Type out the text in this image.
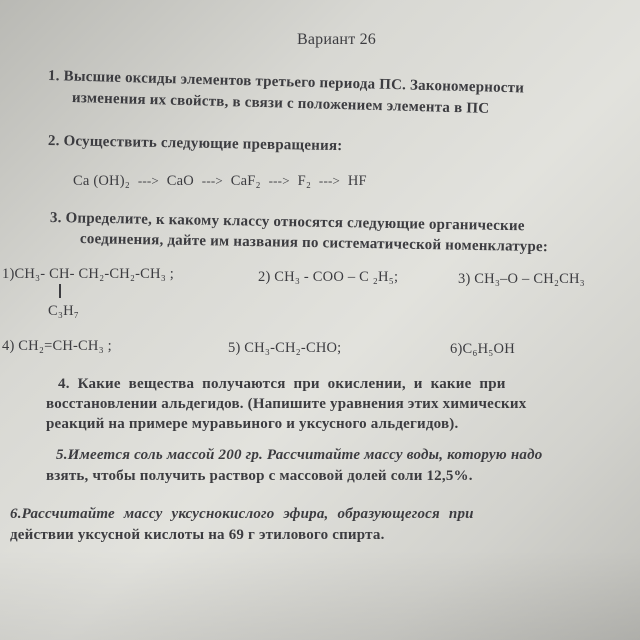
Вариант 26
1. Высшие оксиды элементов третьего периода ПС. Закономерности
изменения их свойств, в связи с положением элемента в ПС
2. Осуществить следующие превращения:
Ca (OH)₂ ---> CaO ---> CaF₂ ---> F₂ ---> HF
3. Определите, к какому классу относятся следующие органические
соединения, дайте им названия по систематической номенклатуре:
1)CH₃- CH- CH₂-CH₂-CH₃ ;
C₃H₇
2) CH₃ - COO – C ₂H₅;	3) CH₃–O – CH₂CH₃
4) CH₂=CH-CH₃ ;	5) CH₃-CH₂-CHO;	6)C₆H₅OH
4. Какие вещества получаются при окислении, и какие при
восстановлении альдегидов. (Напишите уравнения этих химических
реакций на примере муравьиного и уксусного альдегидов).
5.Имеется соль массой 200 гр. Рассчитайте массу воды, которую надо
взять, чтобы получить раствор с массовой долей соли 12,5%.
6.Рассчитайте массу уксуснокислого эфира, образующегося при
действии уксусной кислоты на 69 г этилового спирта.
